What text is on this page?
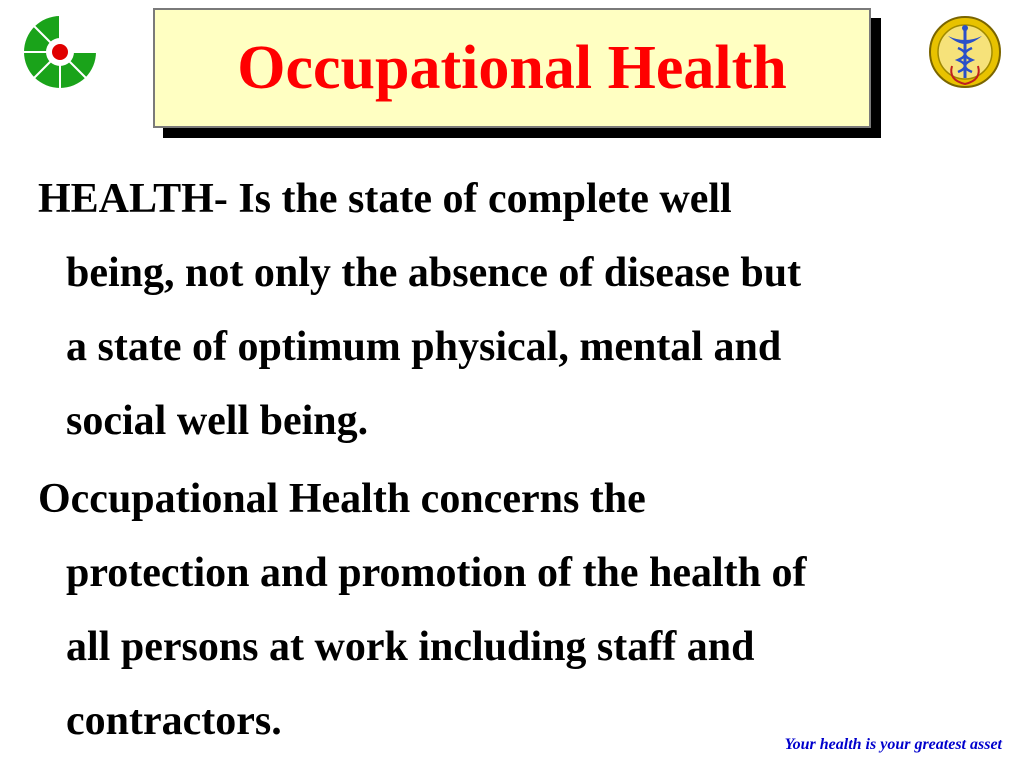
Occupational Health
HEALTH- Is the state of complete well
being, not only the absence of disease but
a state of optimum physical, mental and
social well being.
Occupational Health concerns the
protection and promotion of the health of
all persons at work including staff and
contractors.
Your health is your greatest asset
